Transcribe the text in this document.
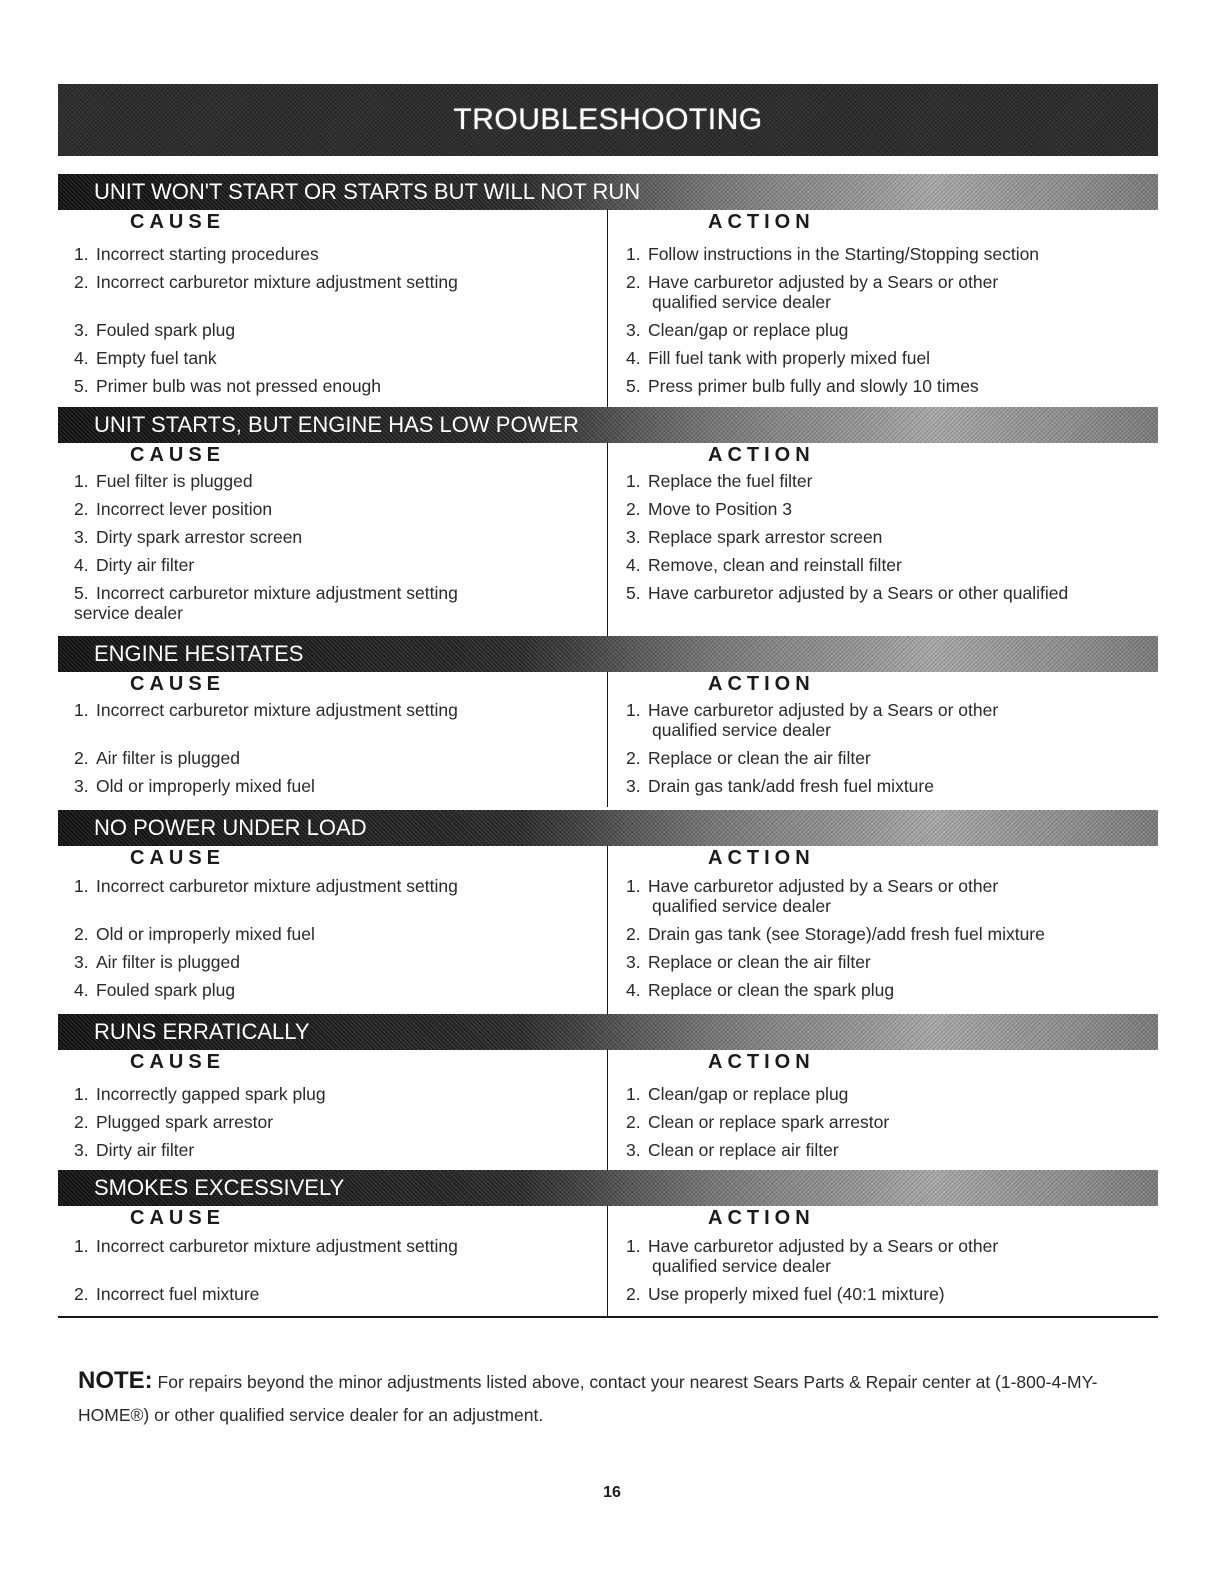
TROUBLESHOOTING
UNIT WON'T START OR STARTS BUT WILL NOT RUN
CAUSE
1. Incorrect starting procedures
2. Incorrect carburetor mixture adjustment setting
3. Fouled spark plug
4. Empty fuel tank
5. Primer bulb was not pressed enough
ACTION
1. Follow instructions in the Starting/Stopping section
2. Have carburetor adjusted by a Sears or other
qualified service dealer
3. Clean/gap or replace plug
4. Fill fuel tank with properly mixed fuel
5. Press primer bulb fully and slowly 10 times
UNIT STARTS, BUT ENGINE HAS LOW POWER
CAUSE
1. Fuel filter is plugged
2. Incorrect lever position
3. Dirty spark arrestor screen
4. Dirty air filter
5. Incorrect carburetor mixture adjustment setting
service dealer
ACTION
1. Replace the fuel filter
2. Move to Position 3
3. Replace spark arrestor screen
4. Remove, clean and reinstall filter
5. Have carburetor adjusted by a Sears or other qualified
ENGINE HESITATES
CAUSE
1. Incorrect carburetor mixture adjustment setting
2. Air filter is plugged
3. Old or improperly mixed fuel
ACTION
1. Have carburetor adjusted by a Sears or other
qualified service dealer
2. Replace or clean the air filter
3. Drain gas tank/add fresh fuel mixture
NO POWER UNDER LOAD
CAUSE
1. Incorrect carburetor mixture adjustment setting
2. Old or improperly mixed fuel
3. Air filter is plugged
4. Fouled spark plug
ACTION
1. Have carburetor adjusted by a Sears or other
qualified service dealer
2. Drain gas tank (see Storage)/add fresh fuel mixture
3. Replace or clean the air filter
4. Replace or clean the spark plug
RUNS ERRATICALLY
CAUSE
1. Incorrectly gapped spark plug
2. Plugged spark arrestor
3. Dirty air filter
ACTION
1. Clean/gap or replace plug
2. Clean or replace spark arrestor
3. Clean or replace air filter
SMOKES EXCESSIVELY
CAUSE
1. Incorrect carburetor mixture adjustment setting
2. Incorrect fuel mixture
ACTION
1. Have carburetor adjusted by a Sears or other
qualified service dealer
2. Use properly mixed fuel (40:1 mixture)
NOTE: For repairs beyond the minor adjustments listed above, contact your nearest Sears Parts & Repair center at (1-800-4-MY-HOME®) or other qualified service dealer for an adjustment.
16
